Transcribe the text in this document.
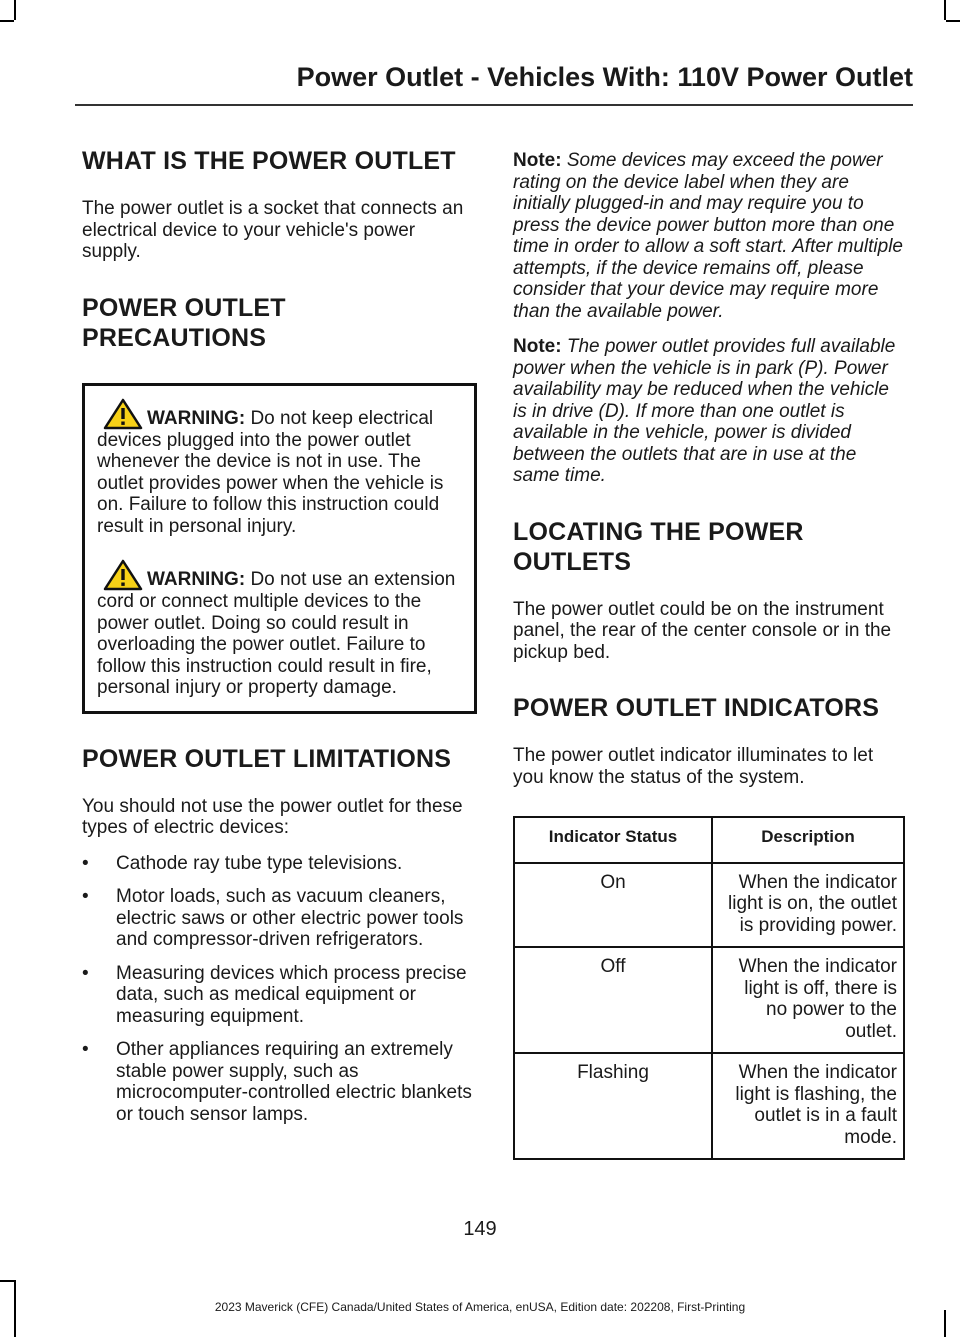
Power Outlet - Vehicles With: 110V Power Outlet
WHAT IS THE POWER OUTLET

The power outlet is a socket that connects an electrical device to your vehicle's power supply.

POWER OUTLET
PRECAUTIONS
WARNING: Do not keep electrical devices plugged into the power outlet whenever the device is not in use. The outlet provides power when the vehicle is on. Failure to follow this instruction could result in personal injury.
WARNING: Do not use an extension cord or connect multiple devices to the power outlet. Doing so could result in overloading the power outlet. Failure to follow this instruction could result in fire, personal injury or property damage.
POWER OUTLET LIMITATIONS

You should not use the power outlet for these types of electric devices:

• Cathode ray tube type televisions.
• Motor loads, such as vacuum cleaners, electric saws or other electric power tools and compressor-driven refrigerators.
• Measuring devices which process precise data, such as medical equipment or measuring equipment.
• Other appliances requiring an extremely stable power supply, such as microcomputer-controlled electric blankets or touch sensor lamps.

Note: Some devices may exceed the power rating on the device label when they are initially plugged-in and may require you to press the device power button more than one time in order to allow a soft start. After multiple attempts, if the device remains off, please consider that your device may require more than the available power.

Note: The power outlet provides full available power when the vehicle is in park (P). Power availability may be reduced when the vehicle is in drive (D). If more than one outlet is available in the vehicle, power is divided between the outlets that are in use at the same time.

LOCATING THE POWER
OUTLETS

The power outlet could be on the instrument panel, the rear of the center console or in the pickup bed.

POWER OUTLET INDICATORS

The power outlet indicator illuminates to let you know the status of the system.

Indicator Status	Description
On	When the indicator light is on, the outlet is providing power.
Off	When the indicator light is off, there is no power to the outlet.
Flashing	When the indicator light is flashing, the outlet is in a fault mode.
149
2023 Maverick (CFE) Canada/United States of America, enUSA, Edition date: 202208, First-Printing
